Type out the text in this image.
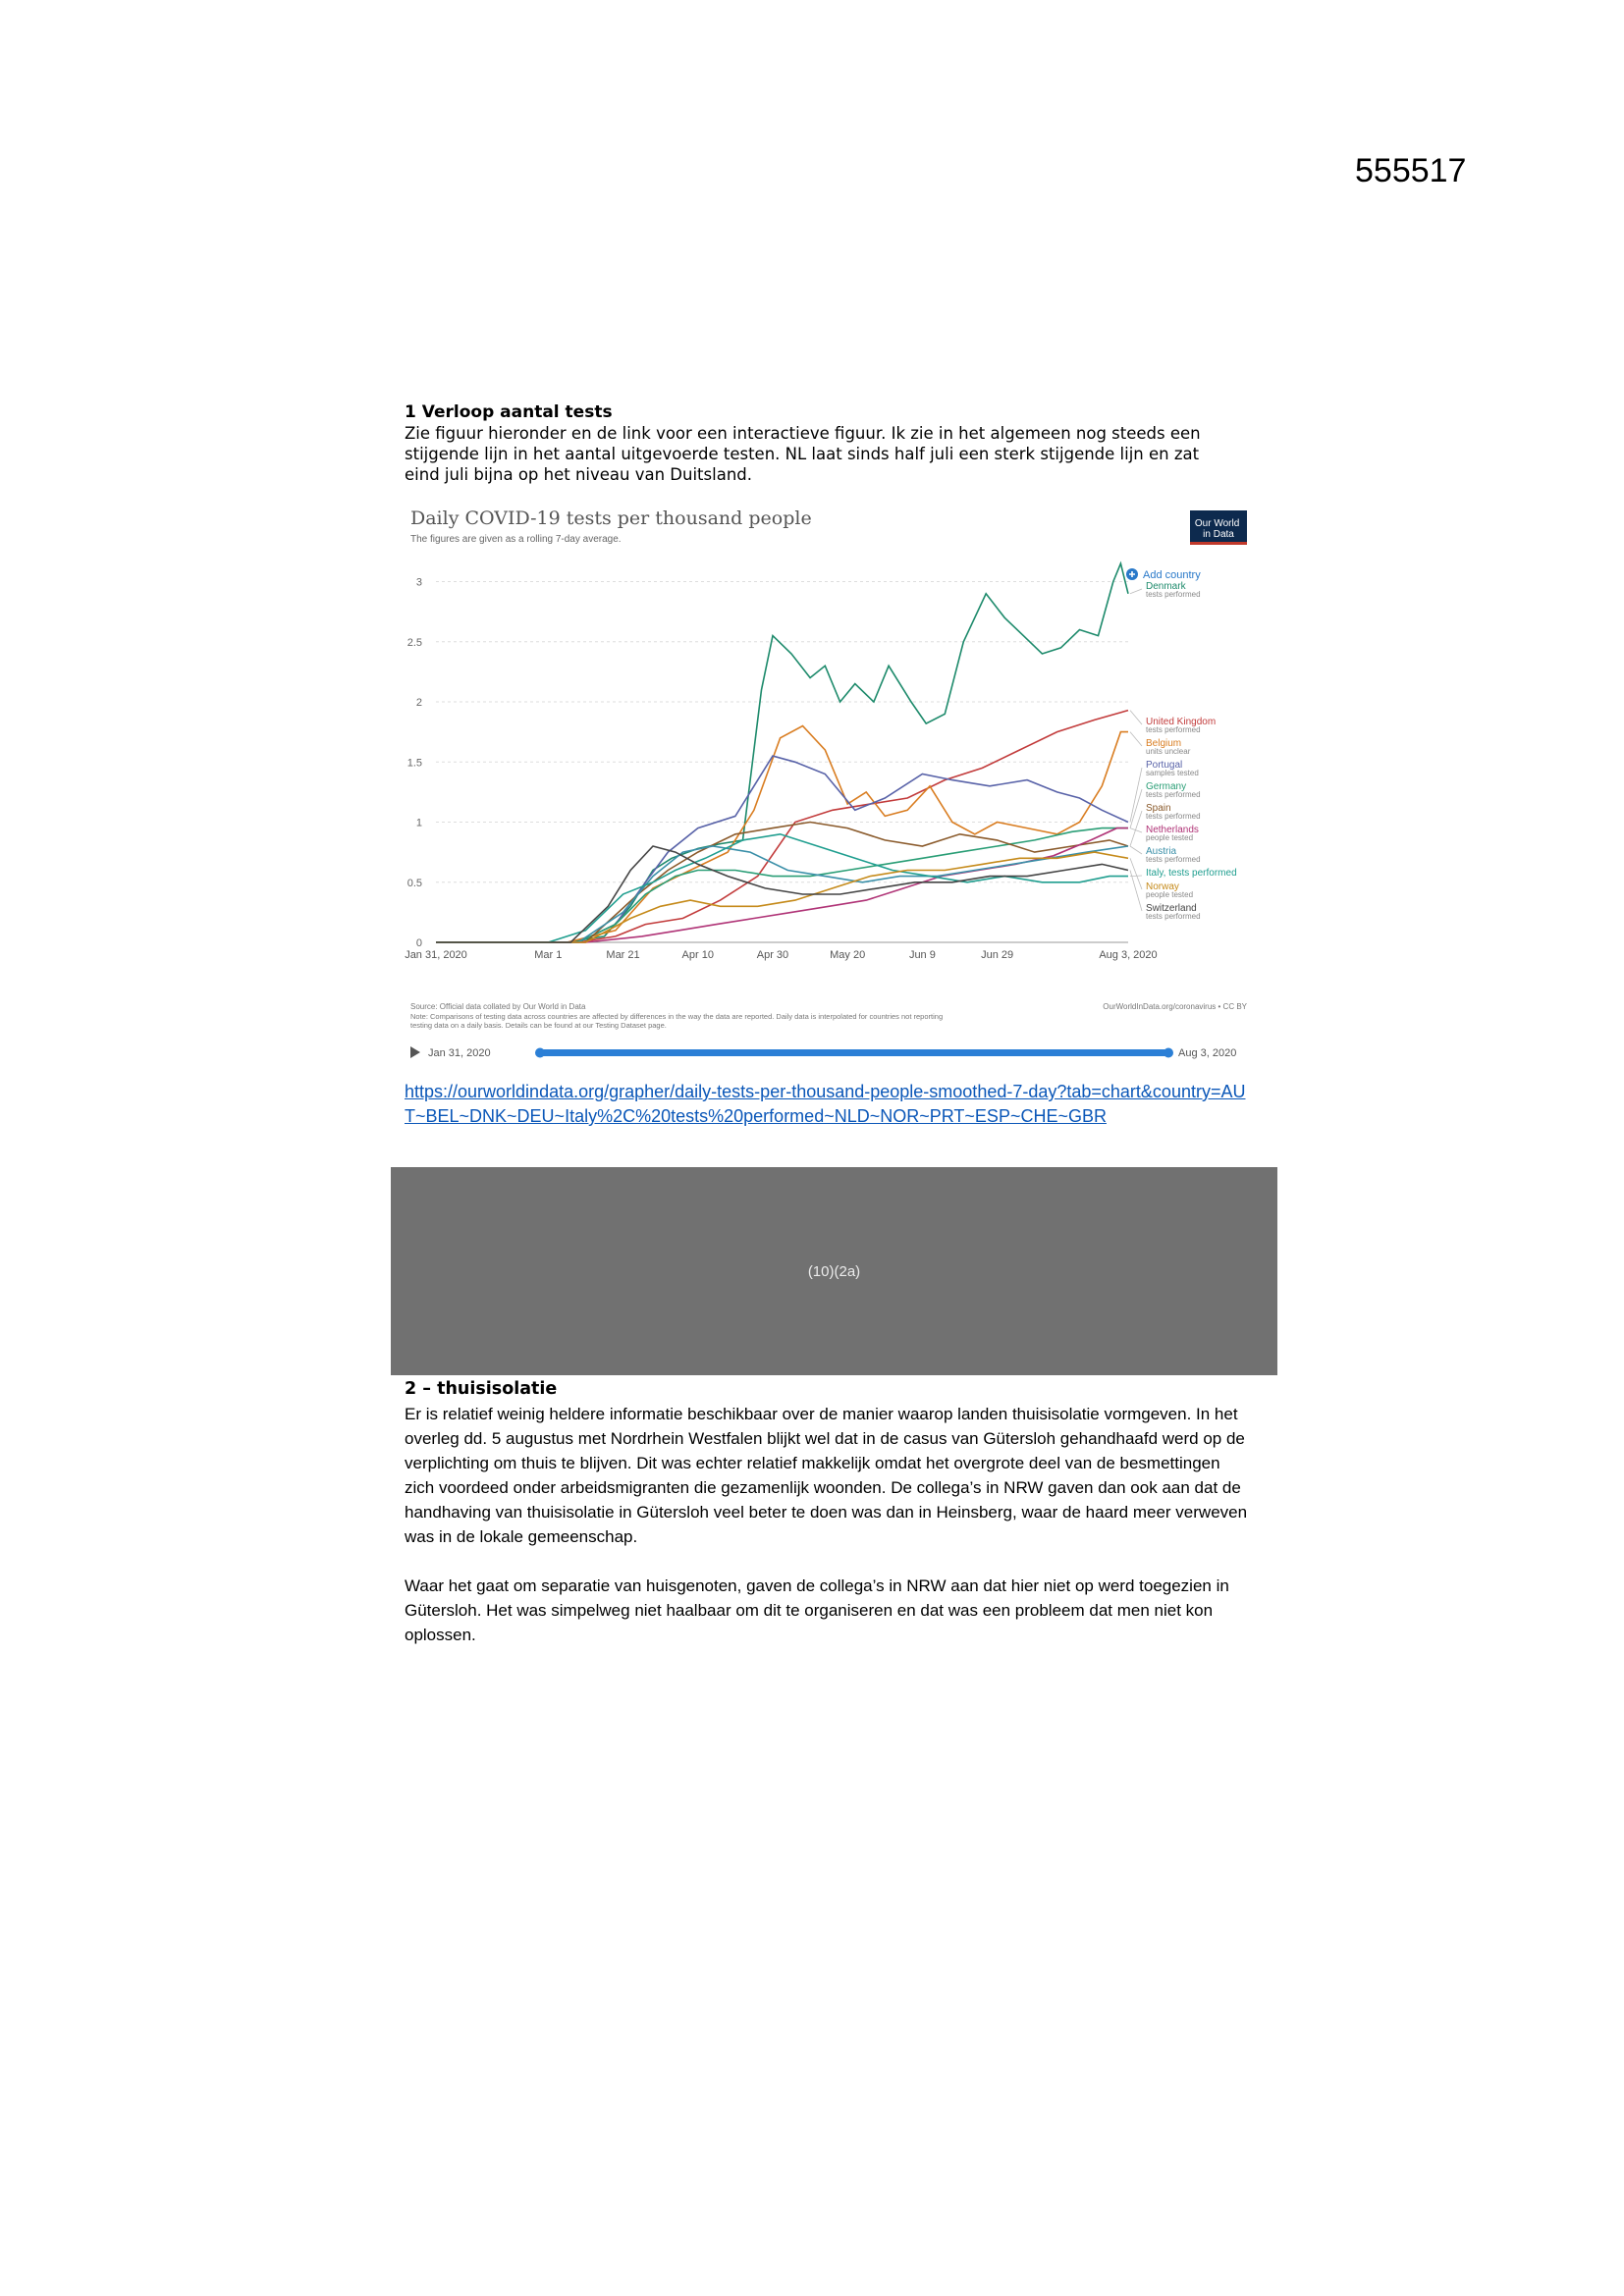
555517
1 Verloop aantal tests

Zie figuur hieronder en de link voor een interactieve figuur. Ik zie in het algemeen nog steeds een stijgende lijn in het aantal uitgevoerde testen. NL laat sinds half juli een sterk stijgende lijn en zat eind juli bijna op het niveau van Duitsland.

Daily COVID-19 tests per thousand people
The figures are given as a rolling 7-day average.
Our World in Data
Add country
0
0.5
1
1.5
2
2.5
3
Jan 31, 2020	Mar 1	Mar 21	Apr 10	Apr 30	May 20	Jun 9	Jun 29	Aug 3, 2020
Denmark
tests performed
United Kingdom
tests performed
Belgium
units unclear
Portugal
samples tested
Germany
tests performed
Spain
tests performed
Netherlands
people tested
Austria
tests performed
Italy, tests performed
Norway
people tested
Switzerland
tests performed
Source: Official data collated by Our World in Data	OurWorldInData.org/coronavirus • CC BY
Note: Comparisons of testing data across countries are affected by differences in the way the data are reported. Daily data is interpolated for countries not reporting testing data on a daily basis. Details can be found at our Testing Dataset page.
Jan 31, 2020	Aug 3, 2020
https://ourworldindata.org/grapher/daily-tests-per-thousand-people-smoothed-7-day?tab=chart&country=AUT~BEL~DNK~DEU~Italy%2C%20tests%20performed~NLD~NOR~PRT~ESP~CHE~GBR
(10)(2a)
2 – thuisisolatie

Er is relatief weinig heldere informatie beschikbaar over de manier waarop landen thuisisolatie vormgeven. In het overleg dd. 5 augustus met Nordrhein Westfalen blijkt wel dat in de casus van Gütersloh gehandhaafd werd op de verplichting om thuis te blijven. Dit was echter relatief makkelijk omdat het overgrote deel van de besmettingen zich voordeed onder arbeidsmigranten die gezamenlijk woonden. De collega’s in NRW gaven dan ook aan dat de handhaving van thuisisolatie in Gütersloh veel beter te doen was dan in Heinsberg, waar de haard meer verweven was in de lokale gemeenschap.

Waar het gaat om separatie van huisgenoten, gaven de collega’s in NRW aan dat hier niet op werd toegezien in Gütersloh. Het was simpelweg niet haalbaar om dit te organiseren en dat was een probleem dat men niet kon oplossen.
